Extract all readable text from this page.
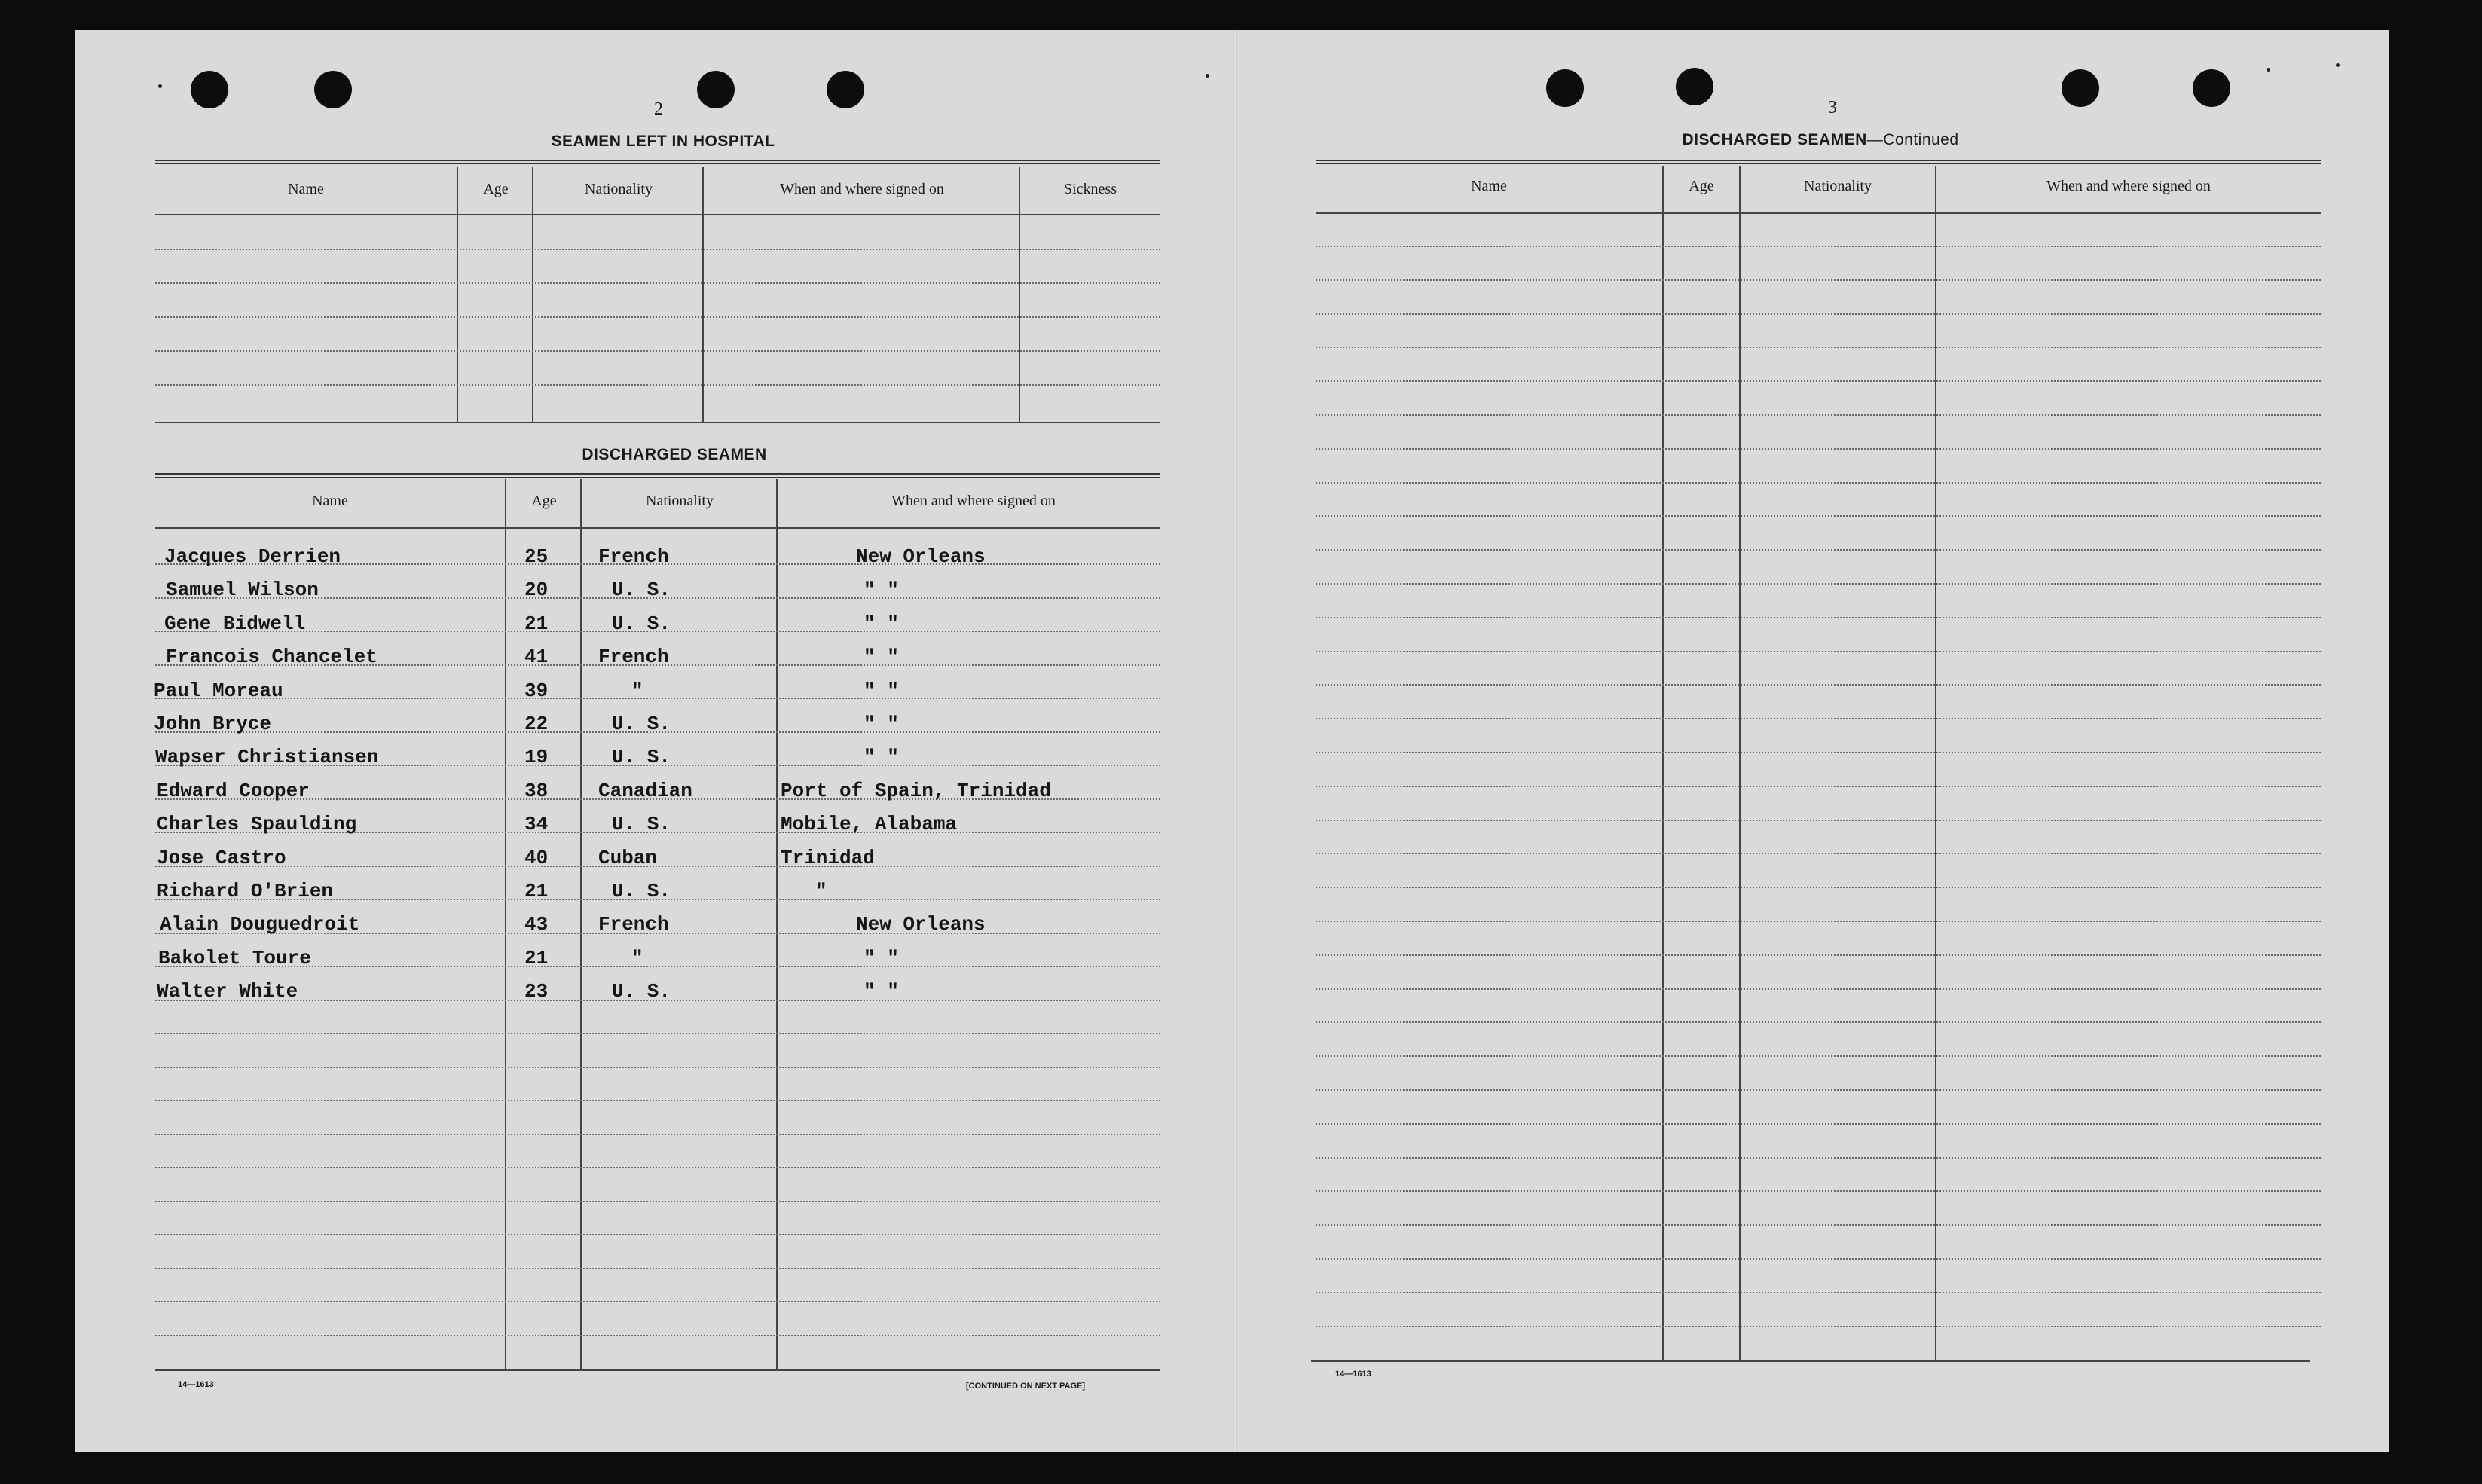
2
SEAMEN LEFT IN HOSPITAL
Name	Age	Nationality	When and where signed on	Sickness
DISCHARGED SEAMEN
Name	Age	Nationality	When and where signed on
Jacques Derrien	25	French	New Orleans
Samuel Wilson	20	U. S.	" "
Gene Bidwell	21	U. S.	" "
Francois Chancelet	41	French	" "
Paul Moreau	39	"	" "
John Bryce	22	U. S.	" "
Wapser Christiansen	19	U. S.	" "
Edward Cooper	38	Canadian	Port of Spain, Trinidad
Charles Spaulding	34	U. S.	Mobile, Alabama
Jose Castro	40	Cuban	Trinidad
Richard O'Brien	21	U. S.	"
Alain Douguedroit	43	French	New Orleans
Bakolet Toure	21	"	" "
Walter White	23	U. S.	" "
14—1613	[CONTINUED ON NEXT PAGE]
3
DISCHARGED SEAMEN—Continued
Name	Age	Nationality	When and where signed on
14—1613
